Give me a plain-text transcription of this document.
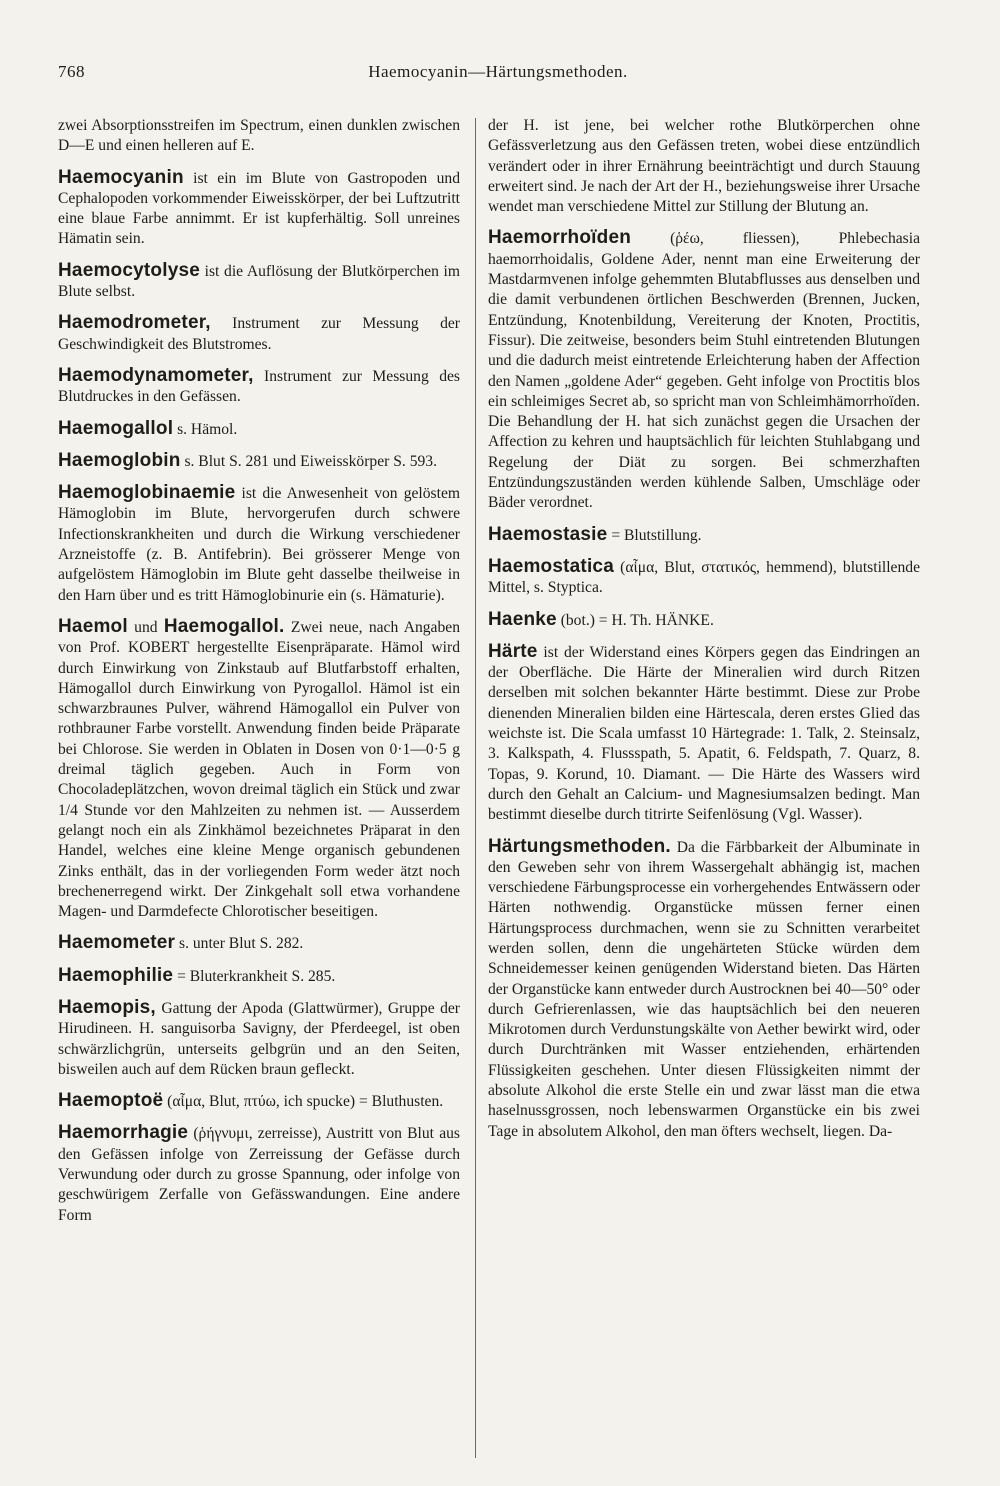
768	Haemocyanin—Härtungsmethoden.

zwei Absorptionsstreifen im Spectrum, einen dunklen zwischen D—E und einen helleren auf E.

Haemocyanin ist ein im Blute von Gastropoden und Cephalopoden vorkommender Eiweisskörper, der bei Luftzutritt eine blaue Farbe annimmt. Er ist kupferhältig. Soll unreines Hämatin sein.

Haemocytolyse ist die Auflösung der Blutkörperchen im Blute selbst.

Haemodrometer, Instrument zur Messung der Geschwindigkeit des Blutstromes.

Haemodynamometer, Instrument zur Messung des Blutdruckes in den Gefässen.

Haemogallol s. Hämol.

Haemoglobin s. Blut S. 281 und Eiweisskörper S. 593.

Haemoglobinaemie ist die Anwesenheit von gelöstem Hämoglobin im Blute, hervorgerufen durch schwere Infectionskrankheiten und durch die Wirkung verschiedener Arzneistoffe (z. B. Antifebrin). Bei grösserer Menge von aufgelöstem Hämoglobin im Blute geht dasselbe theilweise in den Harn über und es tritt Hämoglobinurie ein (s. Hämaturie).

Haemol und Haemogallol. Zwei neue, nach Angaben von Prof. KOBERT hergestellte Eisenpräparate. Hämol wird durch Einwirkung von Zinkstaub auf Blutfarbstoff erhalten, Hämogallol durch Einwirkung von Pyrogallol. Hämol ist ein schwarzbraunes Pulver, während Hämogallol ein Pulver von rothbrauner Farbe vorstellt. Anwendung finden beide Präparate bei Chlorose. Sie werden in Oblaten in Dosen von 0·1—0·5 g dreimal täglich gegeben. Auch in Form von Chocoladeplätzchen, wovon dreimal täglich ein Stück und zwar 1/4 Stunde vor den Mahlzeiten zu nehmen ist. — Ausserdem gelangt noch ein als Zinkhämol bezeichnetes Präparat in den Handel, welches eine kleine Menge organisch gebundenen Zinks enthält, das in der vorliegenden Form weder ätzt noch brechenerregend wirkt. Der Zinkgehalt soll etwa vorhandene Magen- und Darmdefecte Chlorotischer beseitigen.

Haemometer s. unter Blut S. 282.

Haemophilie = Bluterkrankheit S. 285.

Haemopis, Gattung der Apoda (Glattwürmer), Gruppe der Hirudineen. H. sanguisorba Savigny, der Pferdeegel, ist oben schwärzlichgrün, unterseits gelbgrün und an den Seiten, bisweilen auch auf dem Rücken braun gefleckt.

Haemoptoë (αἷμα, Blut, πτύω, ich spucke) = Bluthusten.

Haemorrhagie (ῥήγνυμι, zerreisse), Austritt von Blut aus den Gefässen infolge von Zerreissung der Gefässe durch Verwundung oder durch zu grosse Spannung, oder infolge von geschwürigem Zerfalle von Gefässwandungen. Eine andere Form

der H. ist jene, bei welcher rothe Blutkörperchen ohne Gefässverletzung aus den Gefässen treten, wobei diese entzündlich verändert oder in ihrer Ernährung beeinträchtigt und durch Stauung erweitert sind. Je nach der Art der H., beziehungsweise ihrer Ursache wendet man verschiedene Mittel zur Stillung der Blutung an.

Haemorrhoïden (ῥέω, fliessen), Phlebechasia haemorrhoidalis, Goldene Ader, nennt man eine Erweiterung der Mastdarmvenen infolge gehemmten Blutabflusses aus denselben und die damit verbundenen örtlichen Beschwerden (Brennen, Jucken, Entzündung, Knotenbildung, Vereiterung der Knoten, Proctitis, Fissur). Die zeitweise, besonders beim Stuhl eintretenden Blutungen und die dadurch meist eintretende Erleichterung haben der Affection den Namen „goldene Ader“ gegeben. Geht infolge von Proctitis blos ein schleimiges Secret ab, so spricht man von Schleimhämorrhoïden. Die Behandlung der H. hat sich zunächst gegen die Ursachen der Affection zu kehren und hauptsächlich für leichten Stuhlabgang und Regelung der Diät zu sorgen. Bei schmerzhaften Entzündungszuständen werden kühlende Salben, Umschläge oder Bäder verordnet.

Haemostasie = Blutstillung.

Haemostatica (αἷμα, Blut, στατικός, hemmend), blutstillende Mittel, s. Styptica.

Haenke (bot.) = H. Th. HÄNKE.

Härte ist der Widerstand eines Körpers gegen das Eindringen an der Oberfläche. Die Härte der Mineralien wird durch Ritzen derselben mit solchen bekannter Härte bestimmt. Diese zur Probe dienenden Mineralien bilden eine Härtescala, deren erstes Glied das weichste ist. Die Scala umfasst 10 Härtegrade: 1. Talk, 2. Steinsalz, 3. Kalkspath, 4. Flussspath, 5. Apatit, 6. Feldspath, 7. Quarz, 8. Topas, 9. Korund, 10. Diamant. — Die Härte des Wassers wird durch den Gehalt an Calcium- und Magnesiumsalzen bedingt. Man bestimmt dieselbe durch titrirte Seifenlösung (Vgl. Wasser).

Härtungsmethoden. Da die Färbbarkeit der Albuminate in den Geweben sehr von ihrem Wassergehalt abhängig ist, machen verschiedene Färbungsprocesse ein vorhergehendes Entwässern oder Härten nothwendig. Organstücke müssen ferner einen Härtungsprocess durchmachen, wenn sie zu Schnitten verarbeitet werden sollen, denn die ungehärteten Stücke würden dem Schneidemesser keinen genügenden Widerstand bieten. Das Härten der Organstücke kann entweder durch Austrocknen bei 40—50° oder durch Gefrierenlassen, wie das hauptsächlich bei den neueren Mikrotomen durch Verdunstungskälte von Aether bewirkt wird, oder durch Durchtränken mit Wasser entziehenden, erhärtenden Flüssigkeiten geschehen. Unter diesen Flüssigkeiten nimmt der absolute Alkohol die erste Stelle ein und zwar lässt man die etwa haselnussgrossen, noch lebenswarmen Organstücke ein bis zwei Tage in absolutem Alkohol, den man öfters wechselt, liegen. Da-
